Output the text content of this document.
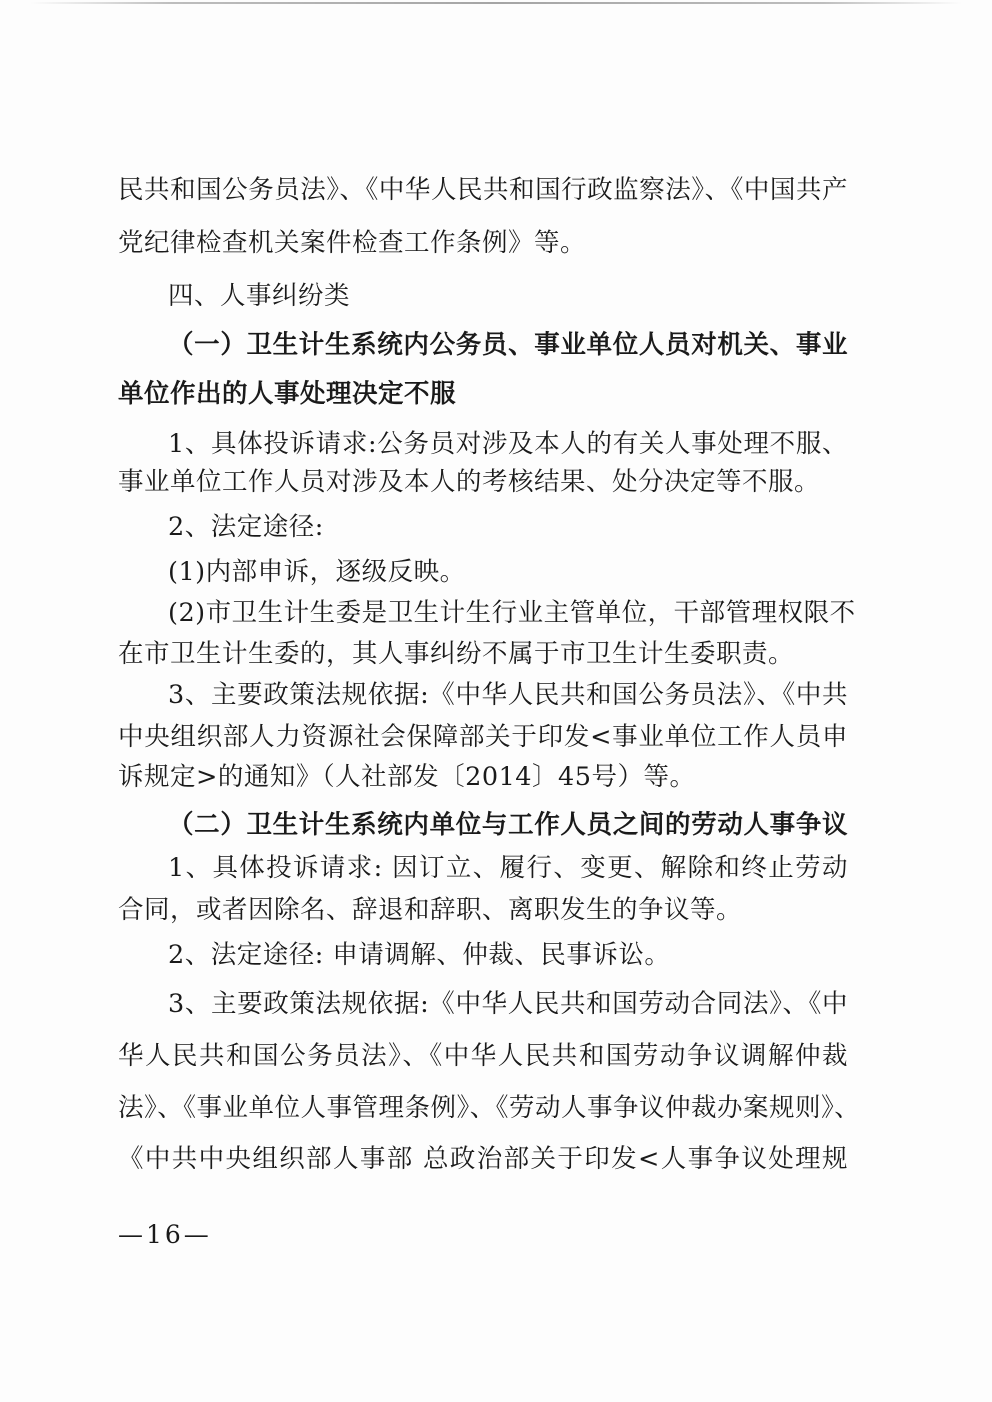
民共和国公务员法》、《中华人民共和国行政监察法》、《中国共产
党纪律检查机关案件检查工作条例》等。
四、人事纠纷类
（一）卫生计生系统内公务员、事业单位人员对机关、事业
单位作出的人事处理决定不服
1、具体投诉请求:公务员对涉及本人的有关人事处理不服、
事业单位工作人员对涉及本人的考核结果、处分决定等不服。
2、法定途径:
(1)内部申诉，逐级反映。
(2)市卫生计生委是卫生计生行业主管单位，干部管理权限不
在市卫生计生委的，其人事纠纷不属于市卫生计生委职责。
3、主要政策法规依据:《中华人民共和国公务员法》、《中共
中央组织部人力资源社会保障部关于印发<事业单位工作人员申
诉规定>的通知》（人社部发〔2014〕45号）等。
（二）卫生计生系统内单位与工作人员之间的劳动人事争议
1、具体投诉请求: 因订立、履行、变更、解除和终止劳动
合同，或者因除名、辞退和辞职、离职发生的争议等。
2、法定途径: 申请调解、仲裁、民事诉讼。
3、主要政策法规依据:《中华人民共和国劳动合同法》、《中
华人民共和国公务员法》、《中华人民共和国劳动争议调解仲裁
法》、《事业单位人事管理条例》、《劳动人事争议仲裁办案规则》、
《中共中央组织部人事部 总政治部关于印发<人事争议处理规
—16—
